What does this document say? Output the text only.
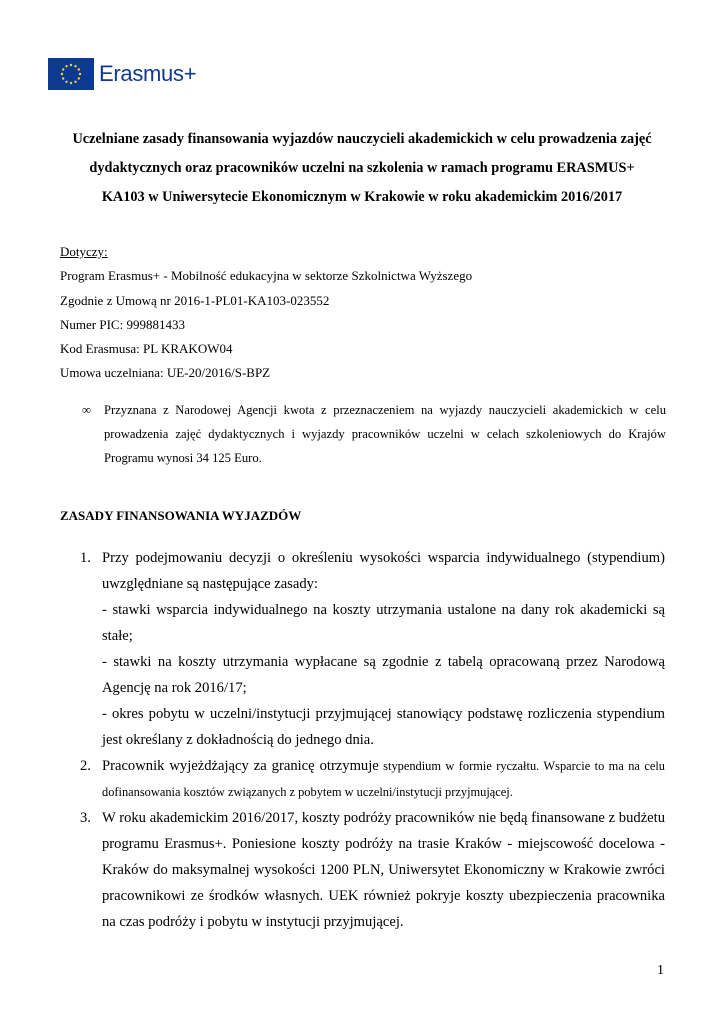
Erasmus+
Uczelniane zasady finansowania wyjazdów nauczycieli akademickich w celu prowadzenia zajęć
dydaktycznych oraz pracowników uczelni na szkolenia w ramach programu ERASMUS+
KA103 w Uniwersytecie Ekonomicznym w Krakowie w roku akademickim 2016/2017
Dotyczy:
Program Erasmus+ - Mobilność edukacyjna w sektorze Szkolnictwa Wyższego
Zgodnie z Umową nr 2016-1-PL01-KA103-023552
Numer PIC: 999881433
Kod Erasmusa: PL KRAKOW04
Umowa uczelniana: UE-20/2016/S-BPZ
∞ Przyznana z Narodowej Agencji kwota z przeznaczeniem na wyjazdy nauczycieli akademickich w celu prowadzenia zajęć dydaktycznych i wyjazdy pracowników uczelni w celach szkoleniowych do Krajów Programu wynosi 34 125 Euro.
ZASADY FINANSOWANIA WYJAZDÓW
1. Przy podejmowaniu decyzji o określeniu wysokości wsparcia indywidualnego (stypendium) uwzględniane są następujące zasady:

- stawki wsparcia indywidualnego na koszty utrzymania ustalone na dany rok akademicki są stałe;

- stawki na koszty utrzymania wypłacane są zgodnie z tabelą opracowaną przez Narodową Agencję na rok 2016/17;

- okres pobytu w uczelni/instytucji przyjmującej stanowiący podstawę rozliczenia stypendium jest określany z dokładnością do jednego dnia.

2. Pracownik wyjeżdżający za granicę otrzymuje stypendium w formie ryczałtu. Wsparcie to ma na celu dofinansowania kosztów związanych z pobytem w uczelni/instytucji przyjmującej.

3. W roku akademickim 2016/2017, koszty podróży pracowników nie będą finansowane z budżetu programu Erasmus+. Poniesione koszty podróży na trasie Kraków - miejscowość docelowa - Kraków do maksymalnej wysokości 1200 PLN, Uniwersytet Ekonomiczny w Krakowie zwróci pracownikowi ze środków własnych. UEK również pokryje koszty ubezpieczenia pracownika na czas podróży i pobytu w instytucji przyjmującej.

1
